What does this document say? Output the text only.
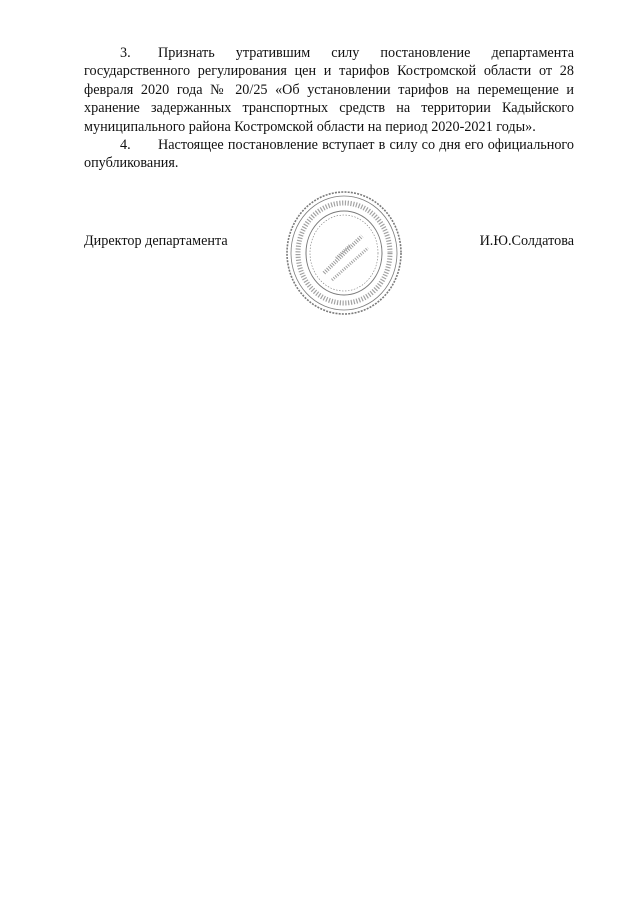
3. Признать утратившим силу постановление департамента государственного регулирования цен и тарифов Костромской области от 28 февраля 2020 года № 20/25 «Об установлении тарифов на перемещение и хранение задержанных транспортных средств на территории Кадыйского муниципального района Костромской области на период 2020-2021 годы».

4. Настоящее постановление вступает в силу со дня его официального опубликования.

Директор департамента	И.Ю.Солдатова
